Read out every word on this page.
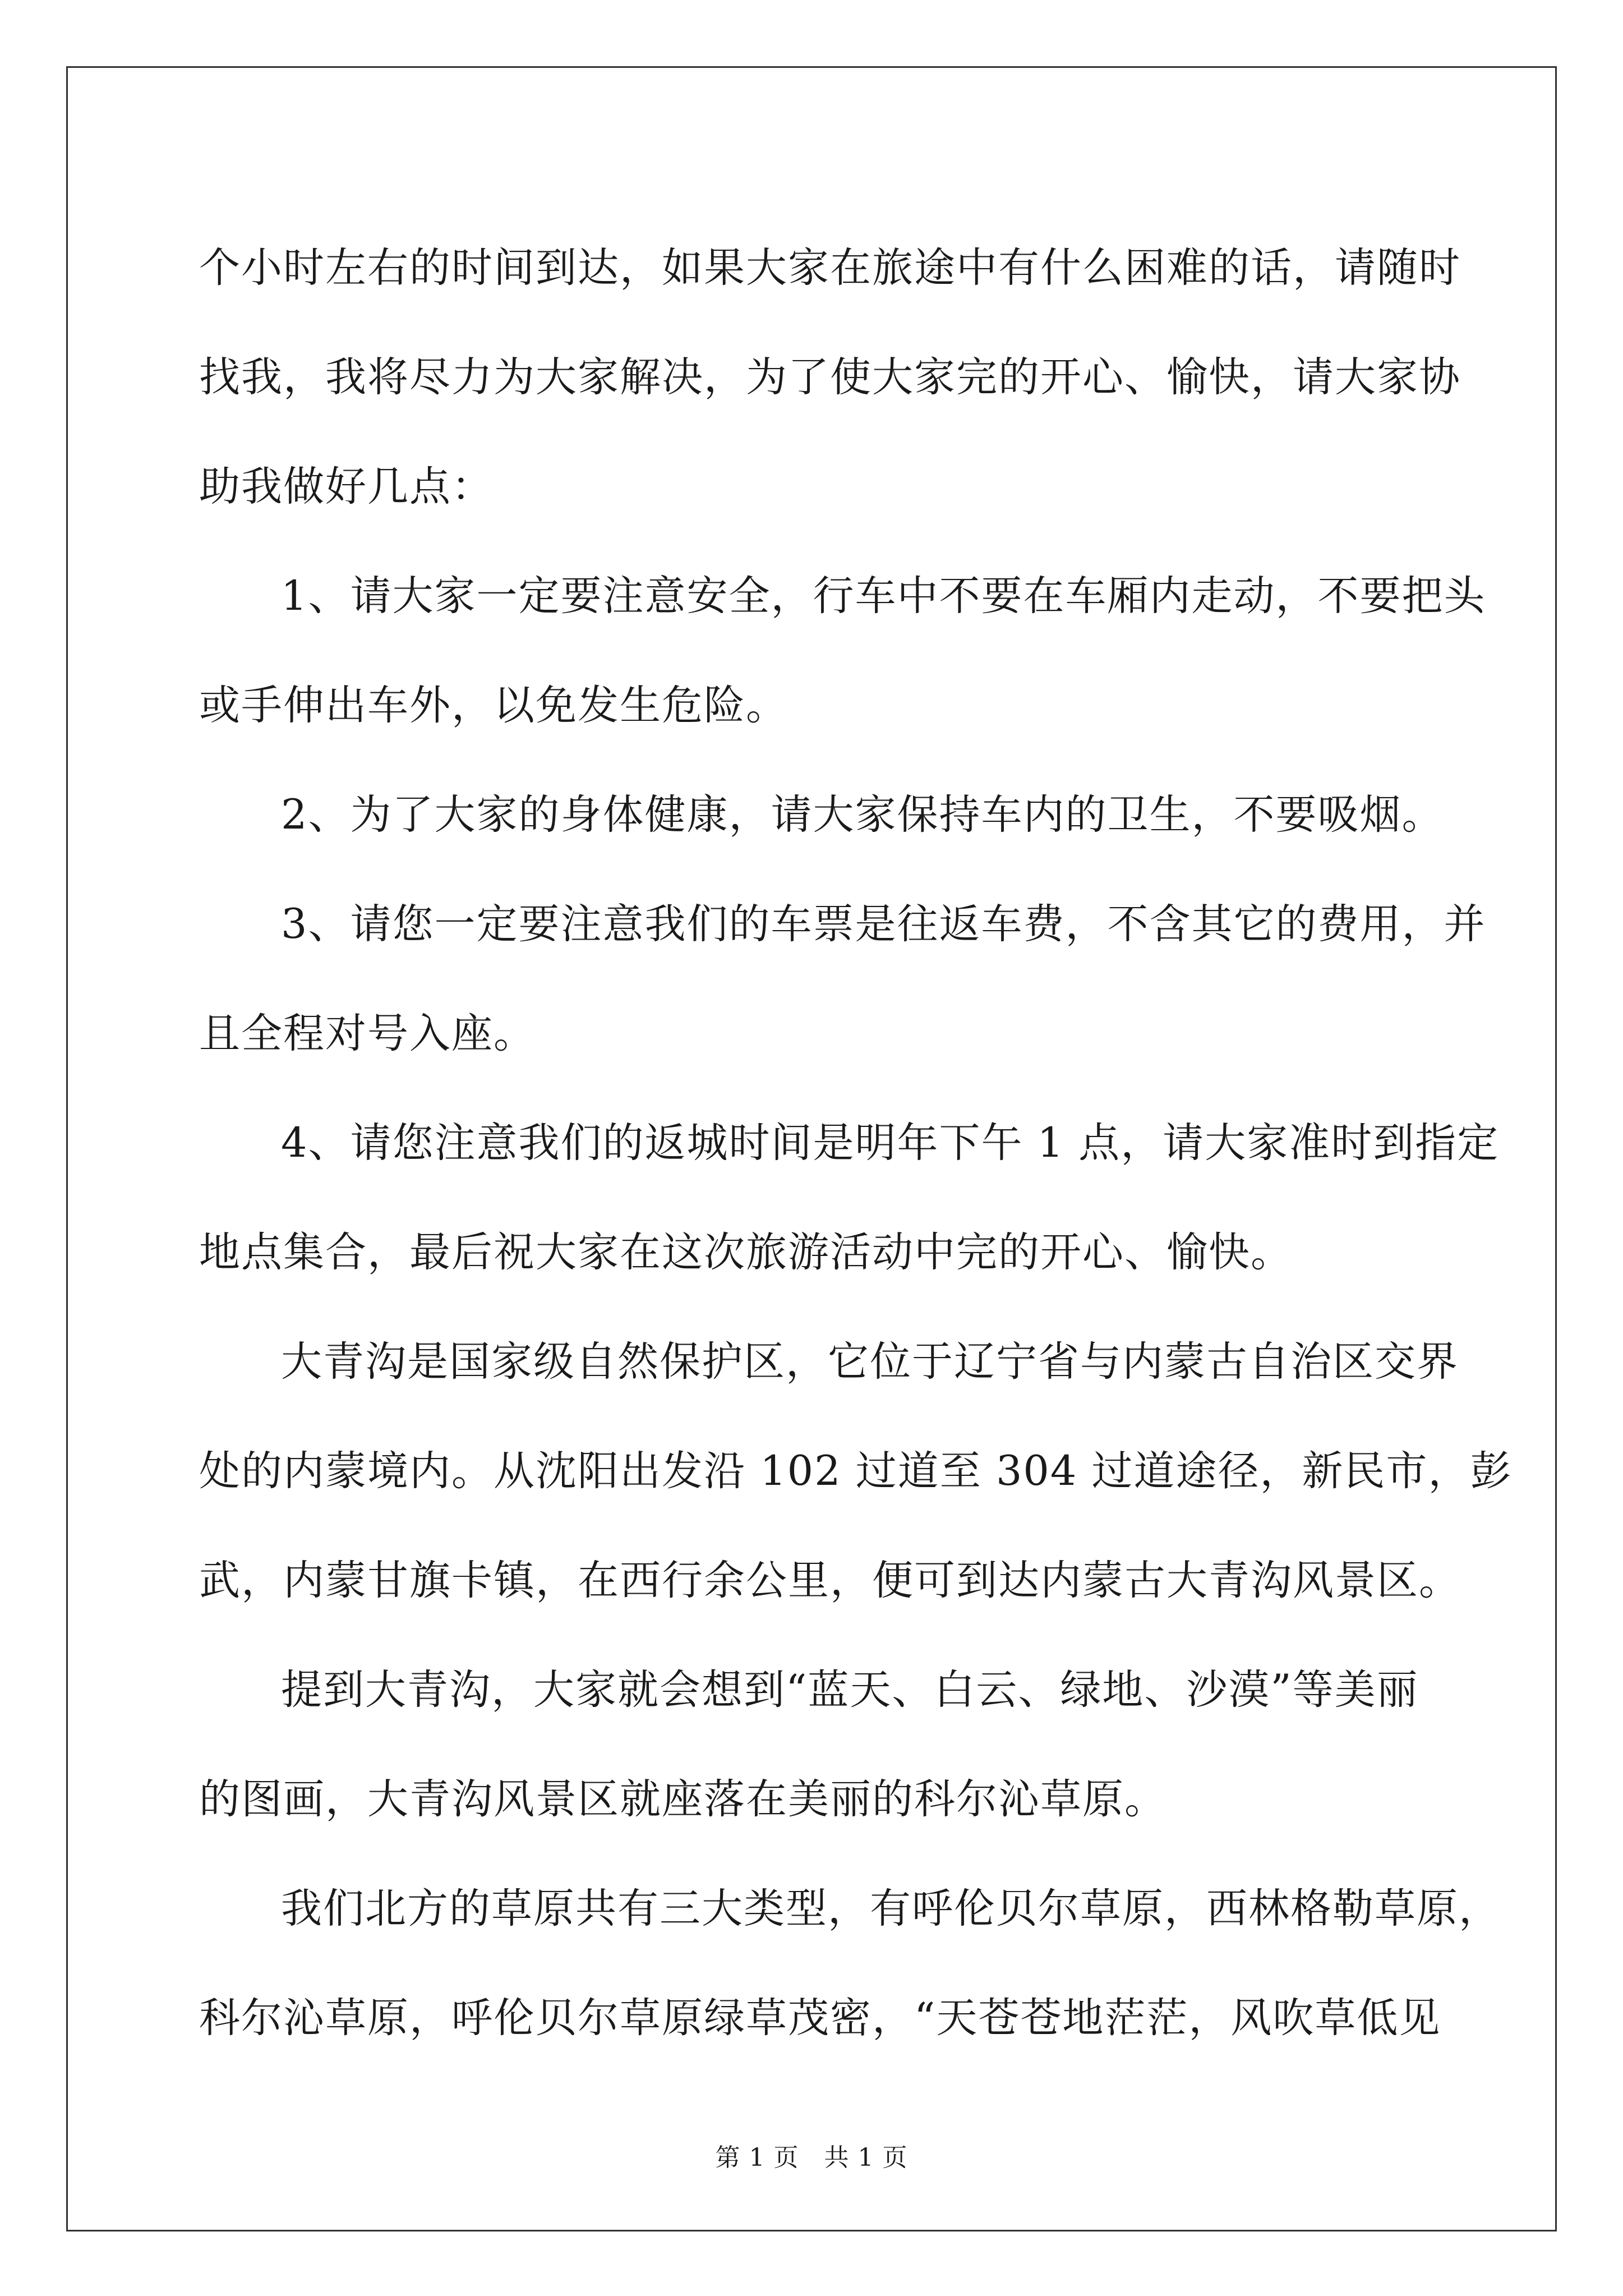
个小时左右的时间到达，如果大家在旅途中有什么困难的话，请随时
找我，我将尽力为大家解决，为了使大家完的开心、愉快，请大家协
助我做好几点：

1、请大家一定要注意安全，行车中不要在车厢内走动，不要把头
或手伸出车外，以免发生危险。

2、为了大家的身体健康，请大家保持车内的卫生，不要吸烟。

3、请您一定要注意我们的车票是往返车费，不含其它的费用，并
且全程对号入座。

4、请您注意我们的返城时间是明年下午 1 点，请大家准时到指定
地点集合，最后祝大家在这次旅游活动中完的开心、愉快。

大青沟是国家级自然保护区，它位于辽宁省与内蒙古自治区交界
处的内蒙境内。从沈阳出发沿 102 过道至 304 过道途径，新民市，彭
武，内蒙甘旗卡镇，在西行余公里，便可到达内蒙古大青沟风景区。

提到大青沟，大家就会想到“蓝天、白云、绿地、沙漠”等美丽
的图画，大青沟风景区就座落在美丽的科尔沁草原。

我们北方的草原共有三大类型，有呼伦贝尔草原，西林格勒草原，
科尔沁草原，呼伦贝尔草原绿草茂密，“天苍苍地茫茫，风吹草低见

第 1 页　共 1 页
